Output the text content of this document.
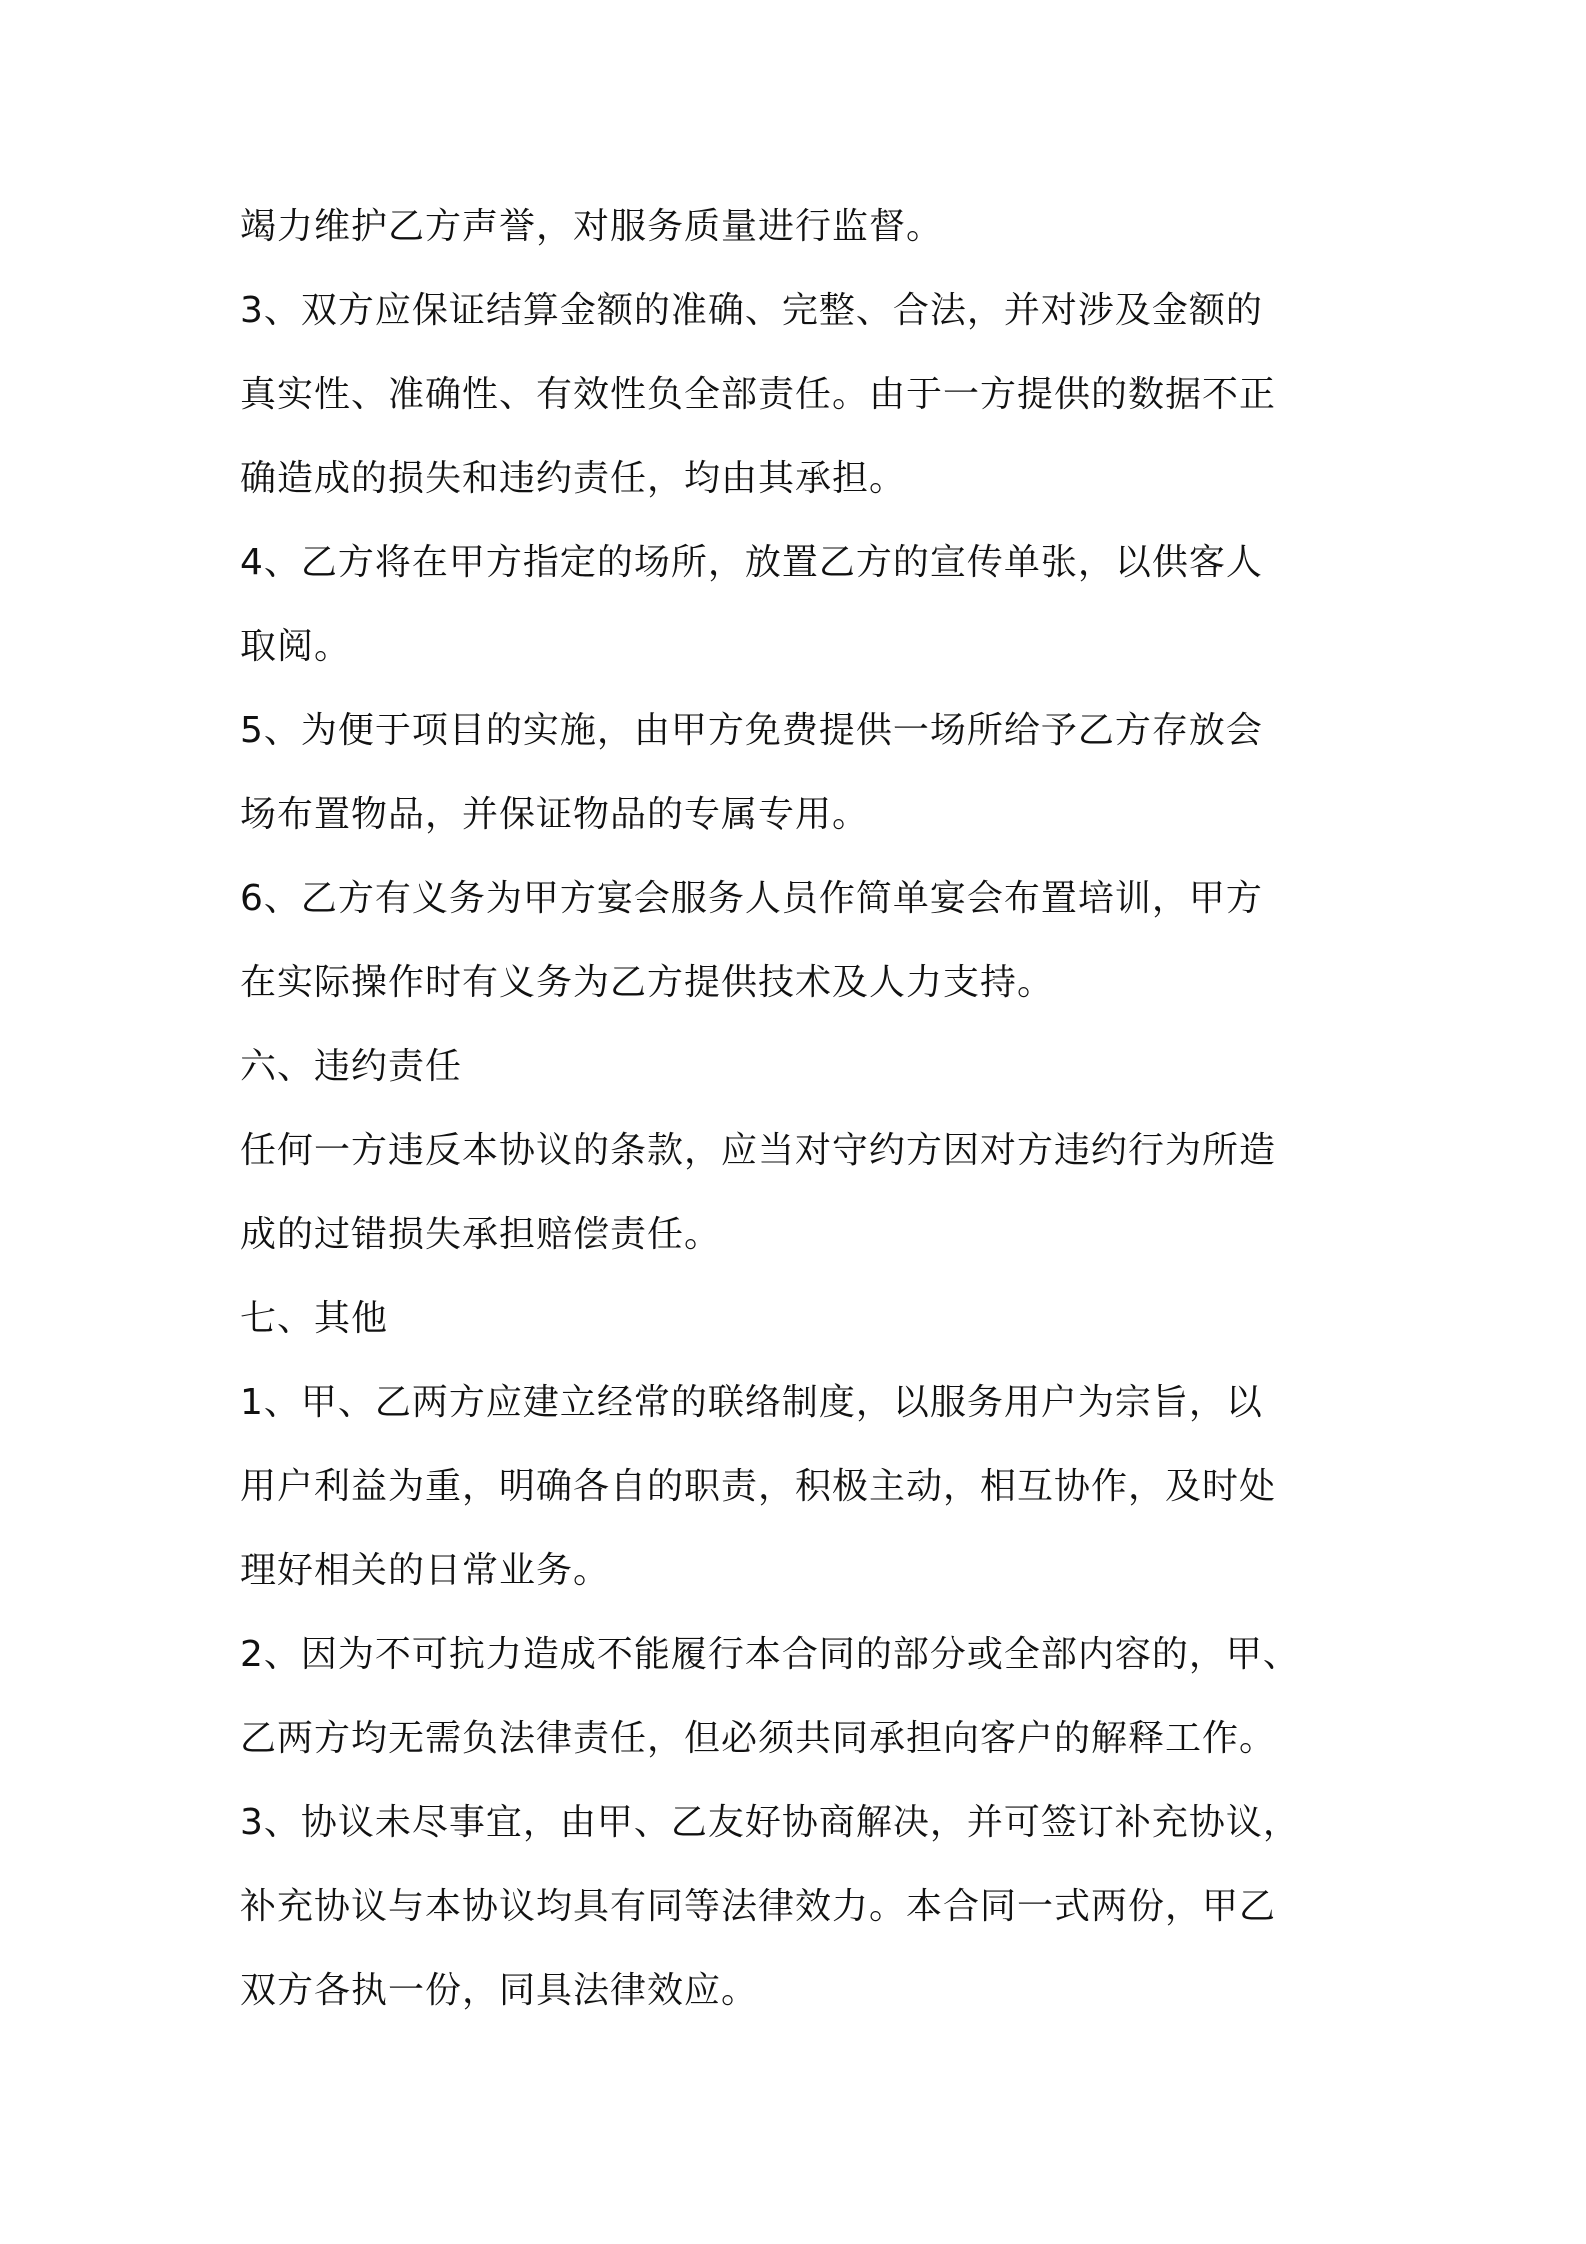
竭力维护乙方声誉，对服务质量进行监督。
3、双方应保证结算金额的准确、完整、合法，并对涉及金额的
真实性、准确性、有效性负全部责任。由于一方提供的数据不正
确造成的损失和违约责任，均由其承担。
4、乙方将在甲方指定的场所，放置乙方的宣传单张，以供客人
取阅。
5、为便于项目的实施，由甲方免费提供一场所给予乙方存放会
场布置物品，并保证物品的专属专用。
6、乙方有义务为甲方宴会服务人员作简单宴会布置培训，甲方
在实际操作时有义务为乙方提供技术及人力支持。
六、违约责任
任何一方违反本协议的条款，应当对守约方因对方违约行为所造
成的过错损失承担赔偿责任。
七、其他
1、甲、乙两方应建立经常的联络制度，以服务用户为宗旨，以
用户利益为重，明确各自的职责，积极主动，相互协作，及时处
理好相关的日常业务。
2、因为不可抗力造成不能履行本合同的部分或全部内容的，甲、
乙两方均无需负法律责任，但必须共同承担向客户的解释工作。
3、协议未尽事宜，由甲、乙友好协商解决，并可签订补充协议，
补充协议与本协议均具有同等法律效力。本合同一式两份，甲乙
双方各执一份，同具法律效应。
